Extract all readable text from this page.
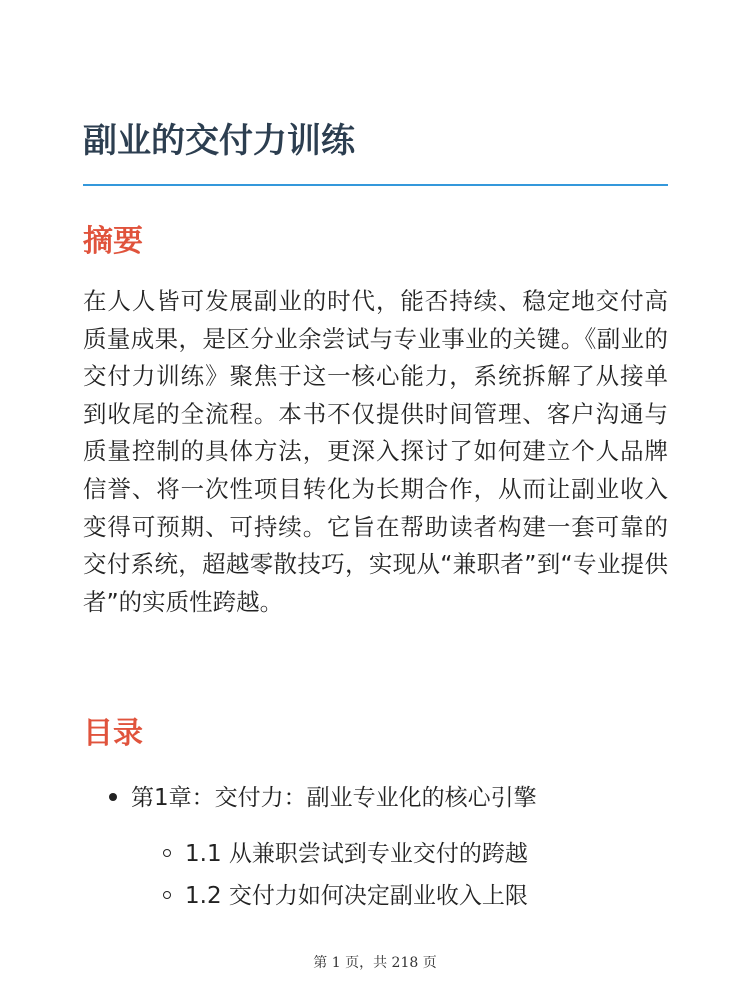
副业的交付力训练
摘要

在人人皆可发展副业的时代，能否持续、稳定地交付高质量成果，是区分业余尝试与专业事业的关键。《副业的交付力训练》聚焦于这一核心能力，系统拆解了从接单到收尾的全流程。本书不仅提供时间管理、客户沟通与质量控制的具体方法，更深入探讨了如何建立个人品牌信誉、将一次性项目转化为长期合作，从而让副业收入变得可预期、可持续。它旨在帮助读者构建一套可靠的交付系统，超越零散技巧，实现从“兼职者”到“专业提供者”的实质性跨越。

目录
第1章：交付力：副业专业化的核心引擎
1.1 从兼职尝试到专业交付的跨越
1.2 交付力如何决定副业收入上限
第 1 页，共 218 页
